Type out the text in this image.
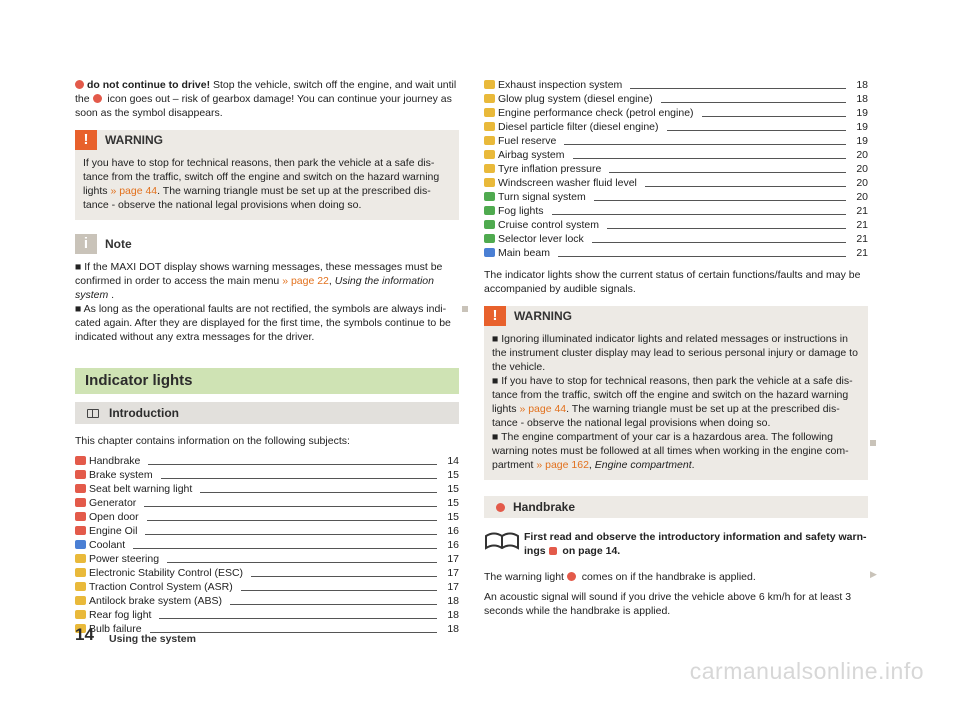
do not continue to drive! Stop the vehicle, switch off the engine, and wait until the  icon goes out – risk of gearbox damage! You can continue your journey as soon as the symbol disappears.

!	WARNING

If you have to stop for technical reasons, then park the vehicle at a safe dis-tance from the traffic, switch off the engine and switch on the hazard warning lights » page 44. The warning triangle must be set up at the prescribed dis-tance - observe the national legal provisions when doing so.

i	Note

■ If the MAXI DOT display shows warning messages, these messages must be confirmed in order to access the main menu » page 22, Using the information system .

■ As long as the operational faults are not rectified, the symbols are always indi-cated again. After they are displayed for the first time, the symbols continue to be indicated without any extra messages for the driver.

Indicator lights
Introduction

This chapter contains information on the following subjects:

Handbrake	14
Brake system	15
Seat belt warning light	15
Generator	15
Open door	15
Engine Oil	16
Coolant	16
Power steering	17
Electronic Stability Control (ESC)	17
Traction Control System (ASR)	17
Antilock brake system (ABS)	18
Rear fog light	18
Bulb failure	18
Exhaust inspection system	18
Glow plug system (diesel engine)	18
Engine performance check (petrol engine)	19
Diesel particle filter (diesel engine)	19
Fuel reserve	19
Airbag system	20
Tyre inflation pressure	20
Windscreen washer fluid level	20
Turn signal system	20
Fog lights	21
Cruise control system	21
Selector lever lock	21
Main beam	21

The indicator lights show the current status of certain functions/faults and may be accompanied by audible signals.

!	WARNING

■ Ignoring illuminated indicator lights and related messages or instructions in the instrument cluster display may lead to serious personal injury or damage to the vehicle.

■ If you have to stop for technical reasons, then park the vehicle at a safe dis-tance from the traffic, switch off the engine and switch on the hazard warning lights » page 44. The warning triangle must be set up at the prescribed dis-tance - observe the national legal provisions when doing so.

■ The engine compartment of your car is a hazardous area. The following warning notes must be followed at all times when working in the engine com-partment » page 162, Engine compartment.

Handbrake

First read and observe the introductory information and safety warn-ings  on page 14.

The warning light  comes on if the handbrake is applied.

An acoustic signal will sound if you drive the vehicle above 6 km/h for at least 3 seconds while the handbrake is applied.

▶
14 Using the system
carmanualsonline.info
